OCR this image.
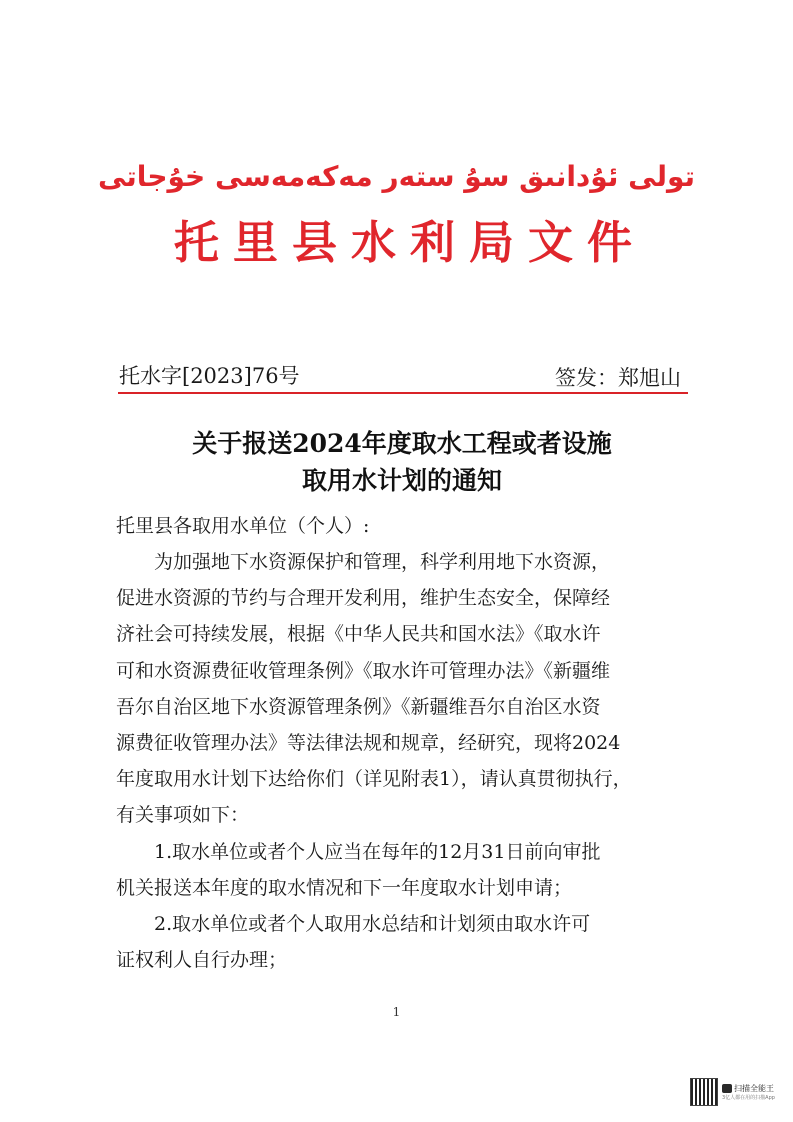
تولى ئۇدانىق سۇ ستەر مەكەمەسى خۇجاتى
托里县水利局文件
托水字[2023]76号	签发：郑旭山
关于报送2024年度取水工程或者设施
取用水计划的通知
托里县各取用水单位（个人）:
为加强地下水资源保护和管理，科学利用地下水资源，
促进水资源的节约与合理开发利用，维护生态安全，保障经
济社会可持续发展，根据《中华人民共和国水法》《取水许
可和水资源费征收管理条例》《取水许可管理办法》《新疆维
吾尔自治区地下水资源管理条例》《新疆维吾尔自治区水资
源费征收管理办法》等法律法规和规章，经研究，现将2024
年度取用水计划下达给你们（详见附表1），请认真贯彻执行，
有关事项如下：
1.取水单位或者个人应当在每年的12月31日前向审批
机关报送本年度的取水情况和下一年度取水计划申请；
2.取水单位或者个人取用水总结和计划须由取水许可
证权利人自行办理；
1
扫描全能王
3亿人都在用的扫描App
